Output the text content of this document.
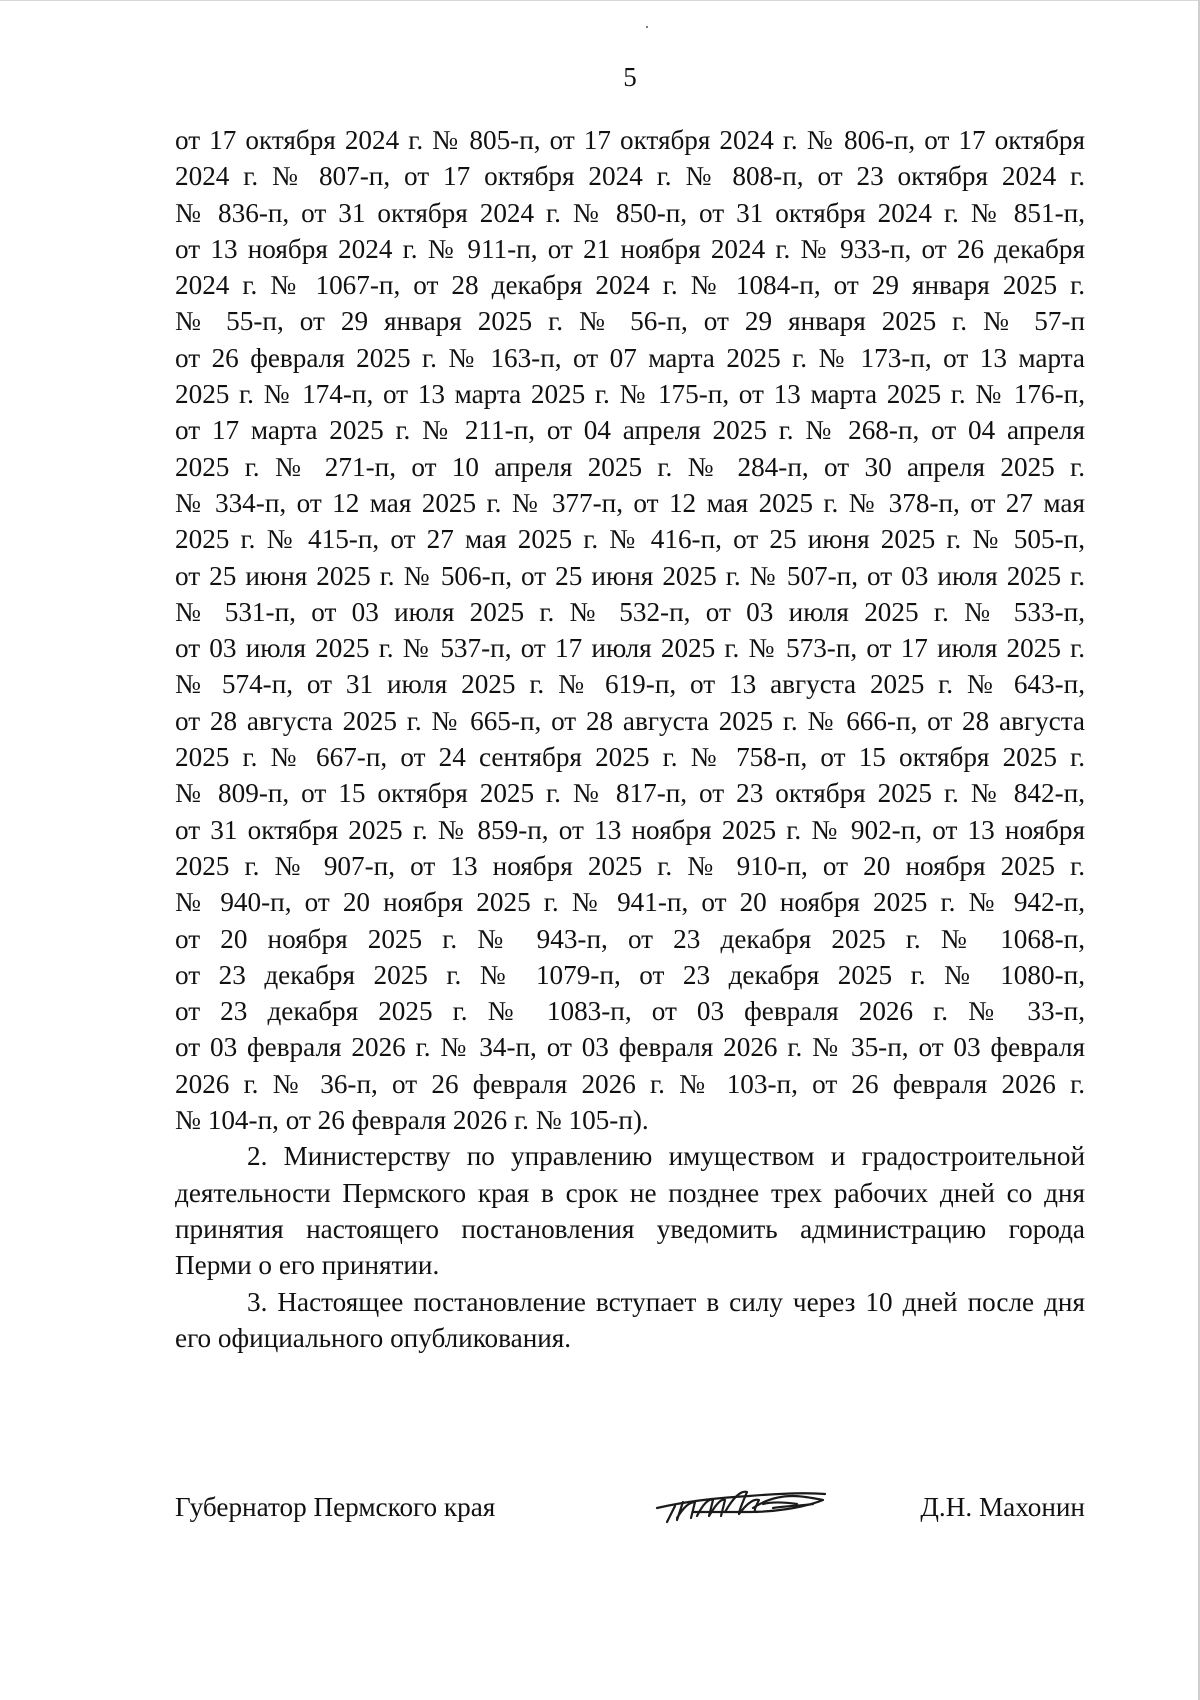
5
от 17 октября 2024 г. № 805-п, от 17 октября 2024 г. № 806-п, от 17 октября
2024 г. № 807-п, от 17 октября 2024 г. № 808-п, от 23 октября 2024 г.
№ 836-п, от 31 октября 2024 г. № 850-п, от 31 октября 2024 г. № 851-п,
от 13 ноября 2024 г. № 911-п, от 21 ноября 2024 г. № 933-п, от 26 декабря
2024 г. № 1067-п, от 28 декабря 2024 г. № 1084-п, от 29 января 2025 г.
№ 55-п, от 29 января 2025 г. № 56-п, от 29 января 2025 г. № 57-п
от 26 февраля 2025 г. № 163-п, от 07 марта 2025 г. № 173-п, от 13 марта
2025 г. № 174-п, от 13 марта 2025 г. № 175-п, от 13 марта 2025 г. № 176-п,
от 17 марта 2025 г. № 211-п, от 04 апреля 2025 г. № 268-п, от 04 апреля
2025 г. № 271-п, от 10 апреля 2025 г. № 284-п, от 30 апреля 2025 г.
№ 334-п, от 12 мая 2025 г. № 377-п, от 12 мая 2025 г. № 378-п, от 27 мая
2025 г. № 415-п, от 27 мая 2025 г. № 416-п, от 25 июня 2025 г. № 505-п,
от 25 июня 2025 г. № 506-п, от 25 июня 2025 г. № 507-п, от 03 июля 2025 г.
№ 531-п, от 03 июля 2025 г. № 532-п, от 03 июля 2025 г. № 533-п,
от 03 июля 2025 г. № 537-п, от 17 июля 2025 г. № 573-п, от 17 июля 2025 г.
№ 574-п, от 31 июля 2025 г. № 619-п, от 13 августа 2025 г. № 643-п,
от 28 августа 2025 г. № 665-п, от 28 августа 2025 г. № 666-п, от 28 августа
2025 г. № 667-п, от 24 сентября 2025 г. № 758-п, от 15 октября 2025 г.
№ 809-п, от 15 октября 2025 г. № 817-п, от 23 октября 2025 г. № 842-п,
от 31 октября 2025 г. № 859-п, от 13 ноября 2025 г. № 902-п, от 13 ноября
2025 г. № 907-п, от 13 ноября 2025 г. № 910-п, от 20 ноября 2025 г.
№ 940-п, от 20 ноября 2025 г. № 941-п, от 20 ноября 2025 г. № 942-п,
от 20 ноября 2025 г. № 943-п, от 23 декабря 2025 г. № 1068-п,
от 23 декабря 2025 г. № 1079-п, от 23 декабря 2025 г. № 1080-п,
от 23 декабря 2025 г. № 1083-п, от 03 февраля 2026 г. № 33-п,
от 03 февраля 2026 г. № 34-п, от 03 февраля 2026 г. № 35-п, от 03 февраля
2026 г. № 36-п, от 26 февраля 2026 г. № 103-п, от 26 февраля 2026 г.
№ 104-п, от 26 февраля 2026 г. № 105-п).

2. Министерству по управлению имуществом и градостроительной деятельности Пермского края в срок не позднее трех рабочих дней со дня принятия настоящего постановления уведомить администрацию города Перми о его принятии.

3. Настоящее постановление вступает в силу через 10 дней после дня его официального опубликования.

Губернатор Пермского края	Д.Н. Махонин
